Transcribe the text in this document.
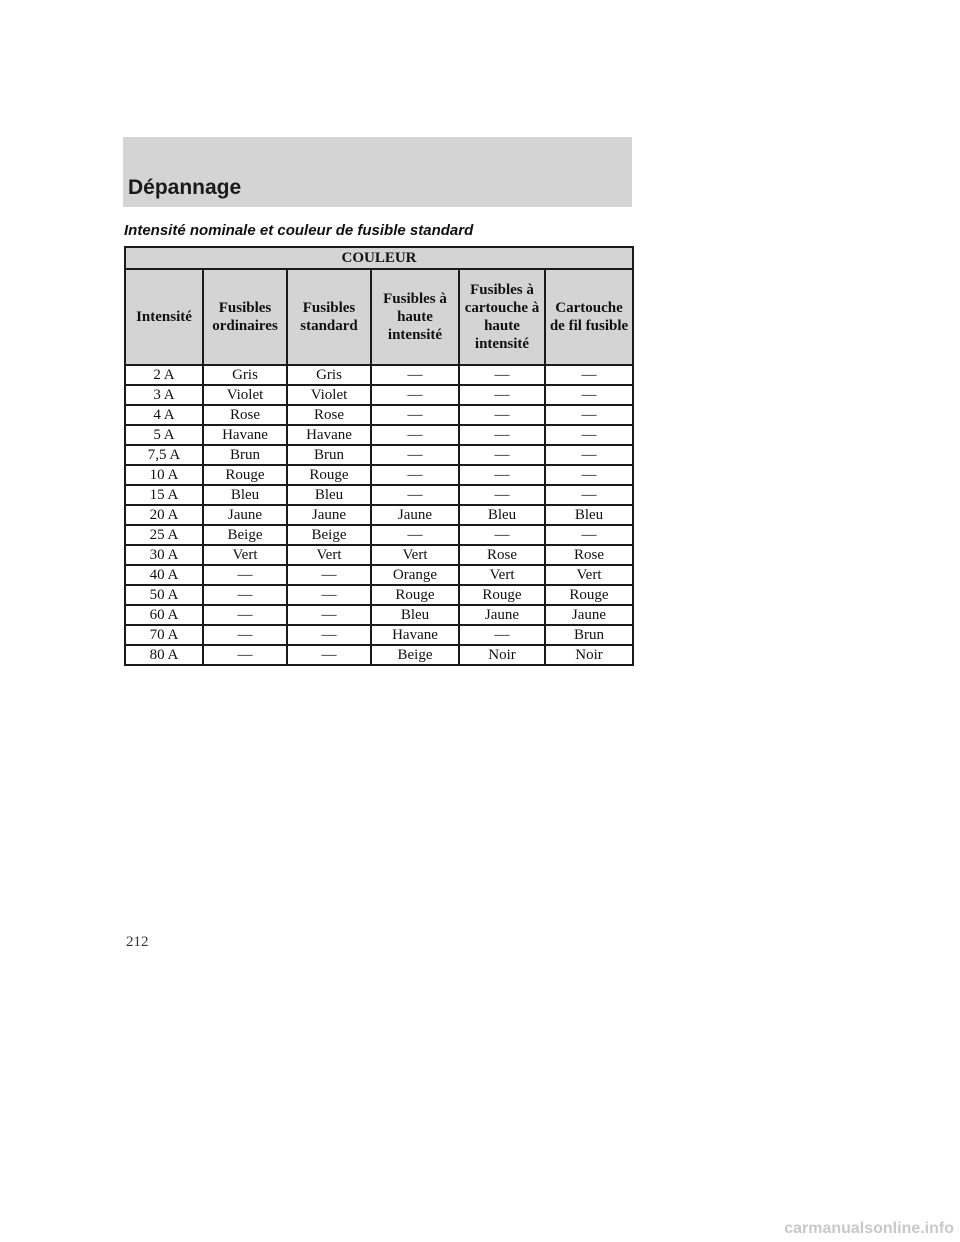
Dépannage
Intensité nominale et couleur de fusible standard
COULEUR					
Intensité	Fusibles ordinaires	Fusibles standard	Fusibles à haute intensité	Fusibles à cartouche à haute intensité	Cartouche de fil fusible
2 A	Gris	Gris	—	—	—
3 A	Violet	Violet	—	—	—
4 A	Rose	Rose	—	—	—
5 A	Havane	Havane	—	—	—
7,5 A	Brun	Brun	—	—	—
10 A	Rouge	Rouge	—	—	—
15 A	Bleu	Bleu	—	—	—
20 A	Jaune	Jaune	Jaune	Bleu	Bleu
25 A	Beige	Beige	—	—	—
30 A	Vert	Vert	Vert	Rose	Rose
40 A	—	—	Orange	Vert	Vert
50 A	—	—	Rouge	Rouge	Rouge
60 A	—	—	Bleu	Jaune	Jaune
70 A	—	—	Havane	—	Brun
80 A	—	—	Beige	Noir	Noir
212
carmanualsonline.info
